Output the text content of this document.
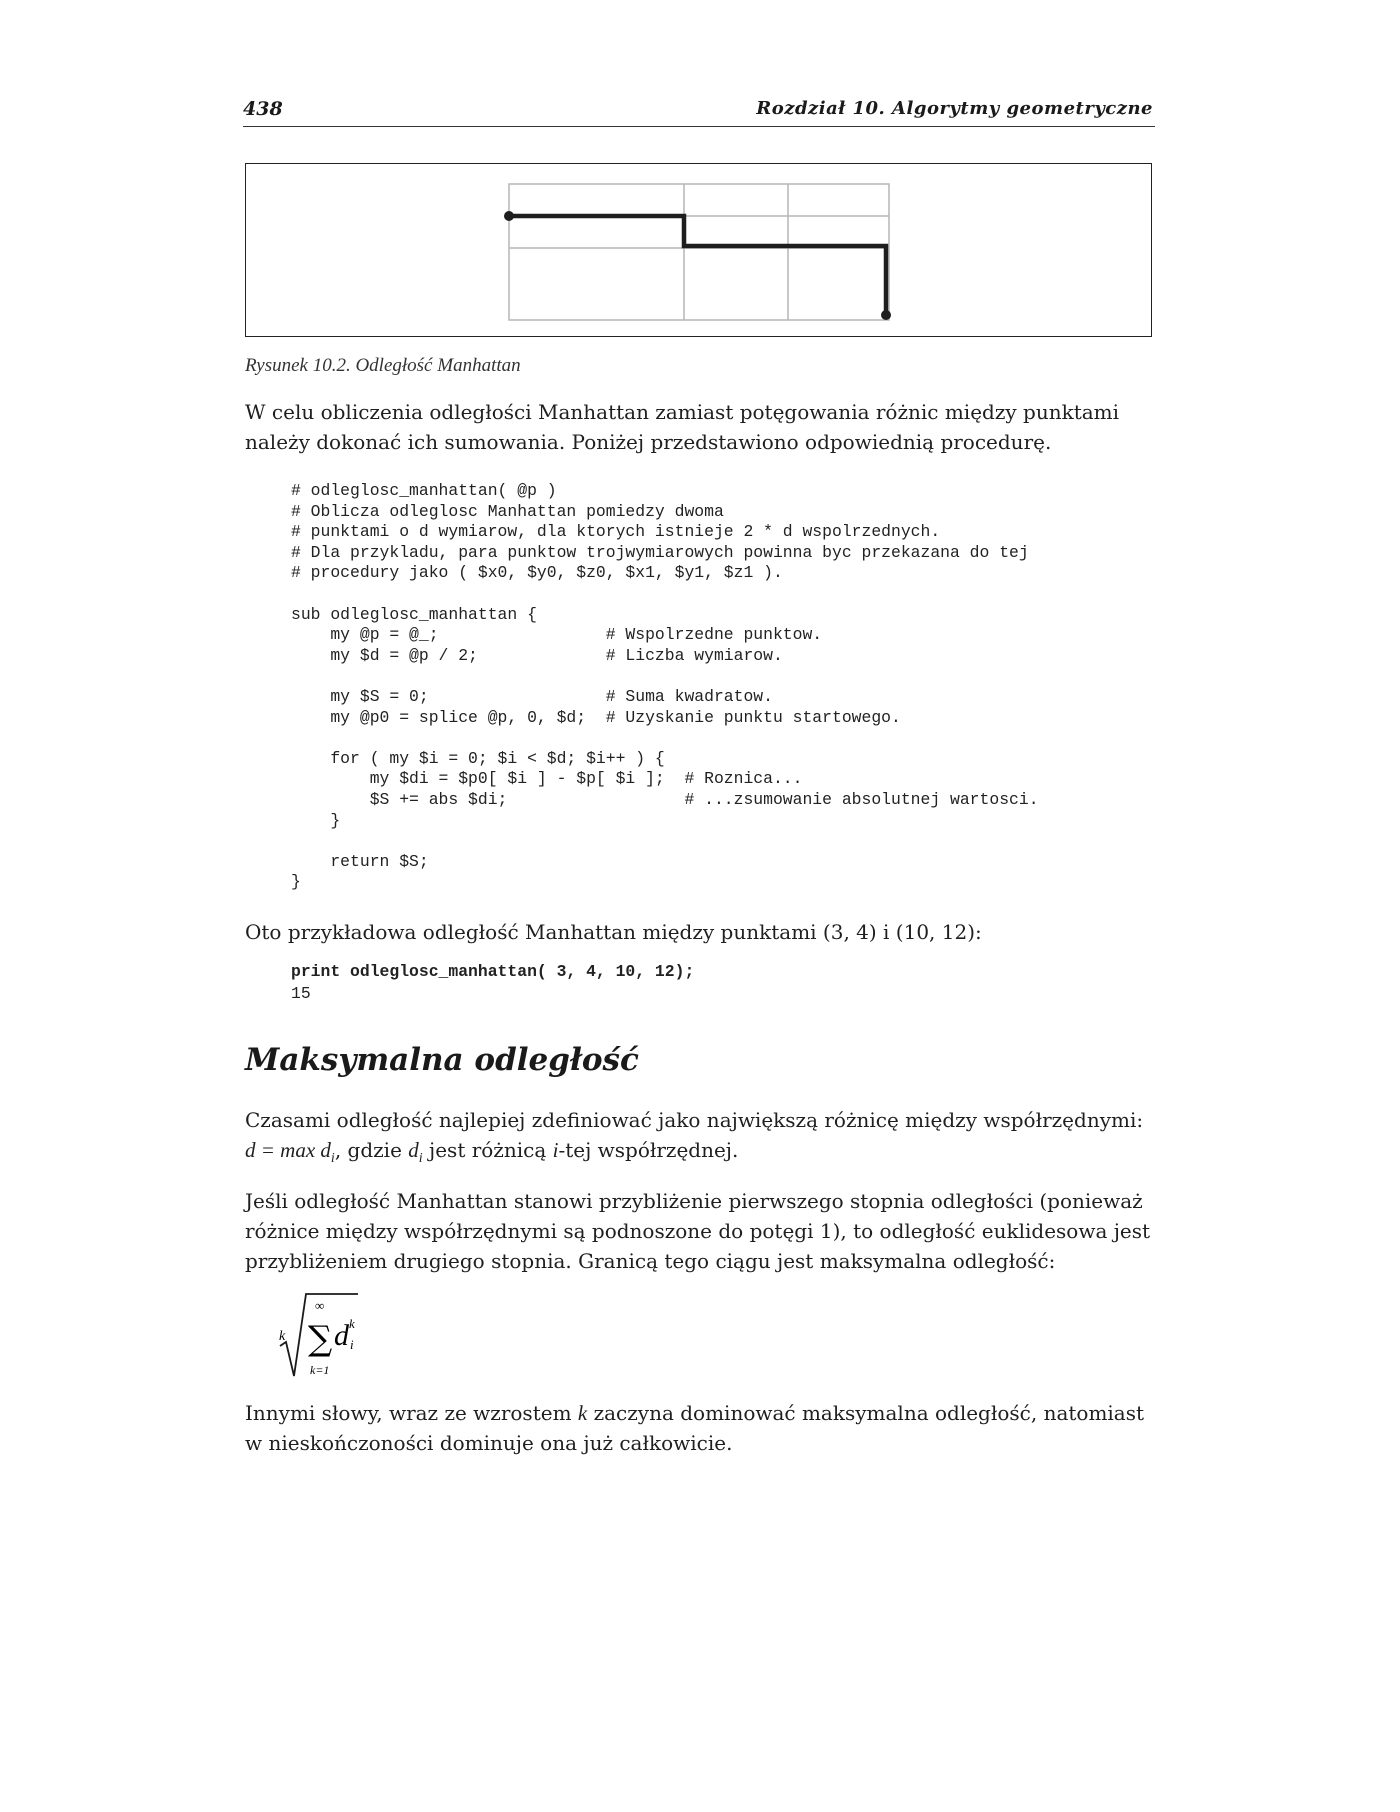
438	Rozdział 10. Algorytmy geometryczne
Rysunek 10.2. Odległość Manhattan
W celu obliczenia odległości Manhattan zamiast potęgowania różnic między punktami należy dokonać ich sumowania. Poniżej przedstawiono odpowiednią procedurę.
# odleglosc_manhattan( @p )
# Oblicza odleglosc Manhattan pomiedzy dwoma
# punktami o d wymiarow, dla ktorych istnieje 2 * d wspolrzednych.
# Dla przykladu, para punktow trojwymiarowych powinna byc przekazana do tej
# procedury jako ( $x0, $y0, $z0, $x1, $y1, $z1 ).

sub odleglosc_manhattan {
my @p = @_;                 # Wspolrzedne punktow.
my $d = @p / 2;             # Liczba wymiarow.

my $S = 0;                  # Suma kwadratow.
my @p0 = splice @p, 0, $d;  # Uzyskanie punktu startowego.

for ( my $i = 0; $i < $d; $i++ ) {
my $di = $p0[ $i ] - $p[ $i ];  # Roznica...
$S += abs $di;                  # ...zsumowanie absolutnej wartosci.
}

return $S;
}
Oto przykładowa odległość Manhattan między punktami (3, 4) i (10, 12):
print odleglosc_manhattan( 3, 4, 10, 12);
15
Maksymalna odległość
Czasami odległość najlepiej zdefiniować jako największą różnicę między współrzędnymi:
$d = \max d_i$, gdzie $d_i$ jest różnicą i-tej współrzędnej.
Jeśli odległość Manhattan stanowi przybliżenie pierwszego stopnia odległości (ponieważ różnice między współrzędnymi są podnoszone do potęgi 1), to odległość euklidesowa jest przybliżeniem drugiego stopnia. Granicą tego ciągu jest maksymalna odległość:
k
∞
∑ d k
i
k=1
Innymi słowy, wraz ze wzrostem k zaczyna dominować maksymalna odległość, natomiast w nieskończoności dominuje ona już całkowicie.
